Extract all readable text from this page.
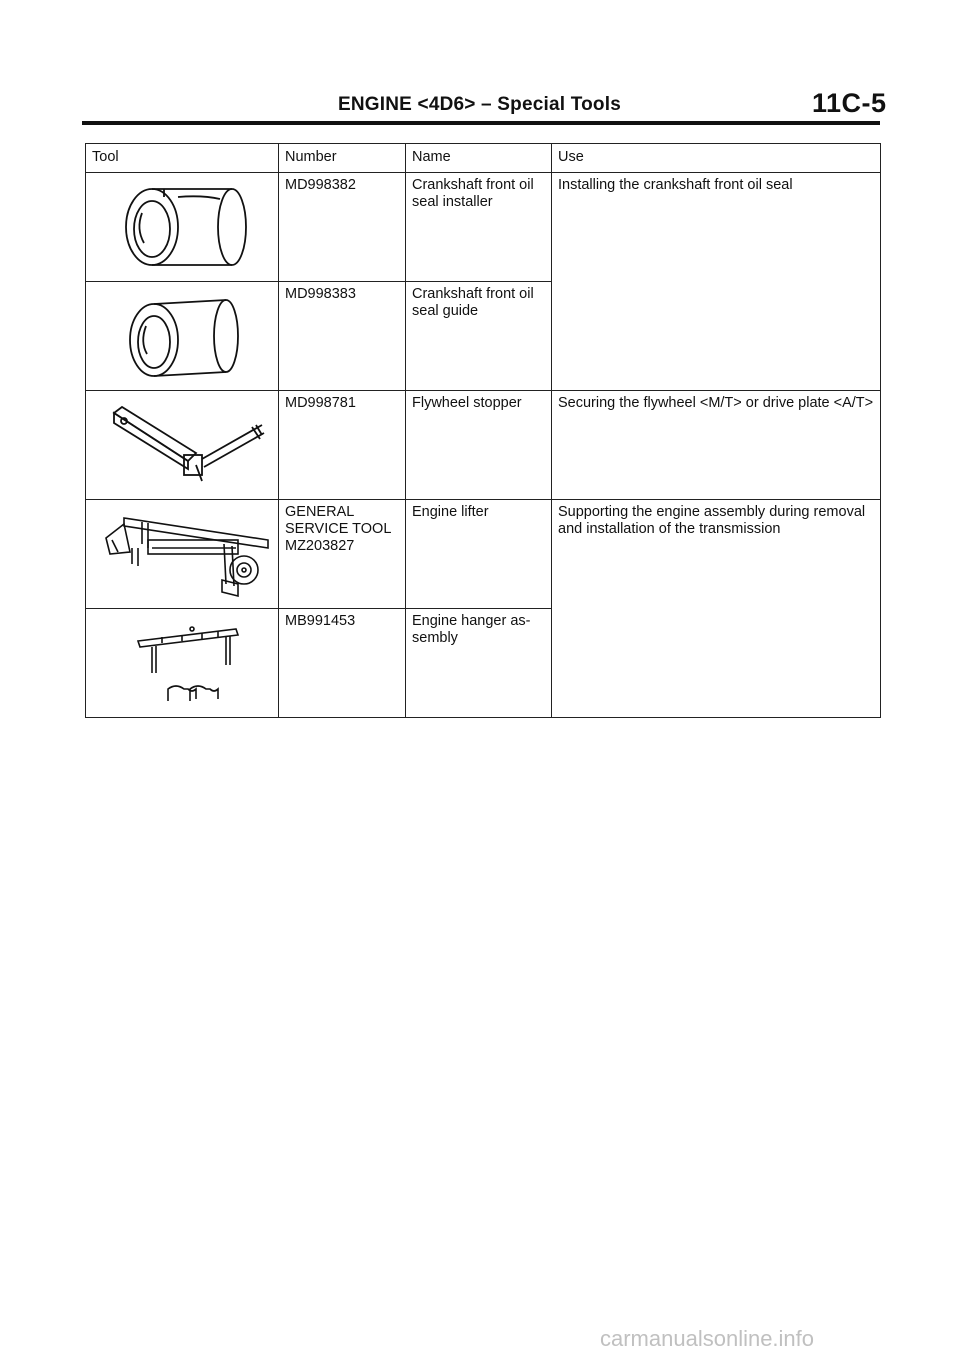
ENGINE <4D6> – Special Tools	11C-5
Tool	Number	Name	Use

	MD998382	Crankshaft front oil seal installer	Installing the crankshaft front oil seal

	MD998383	Crankshaft front oil seal guide	

	MD998781	Flywheel stopper	Securing the flywheel <M/T> or drive plate <A/T>

	GENERAL SERVICE TOOL MZ203827	Engine lifter	Supporting the engine assembly during removal and installation of the transmission

	MB991453	Engine hanger as-sembly	
carmanualsonline.info
